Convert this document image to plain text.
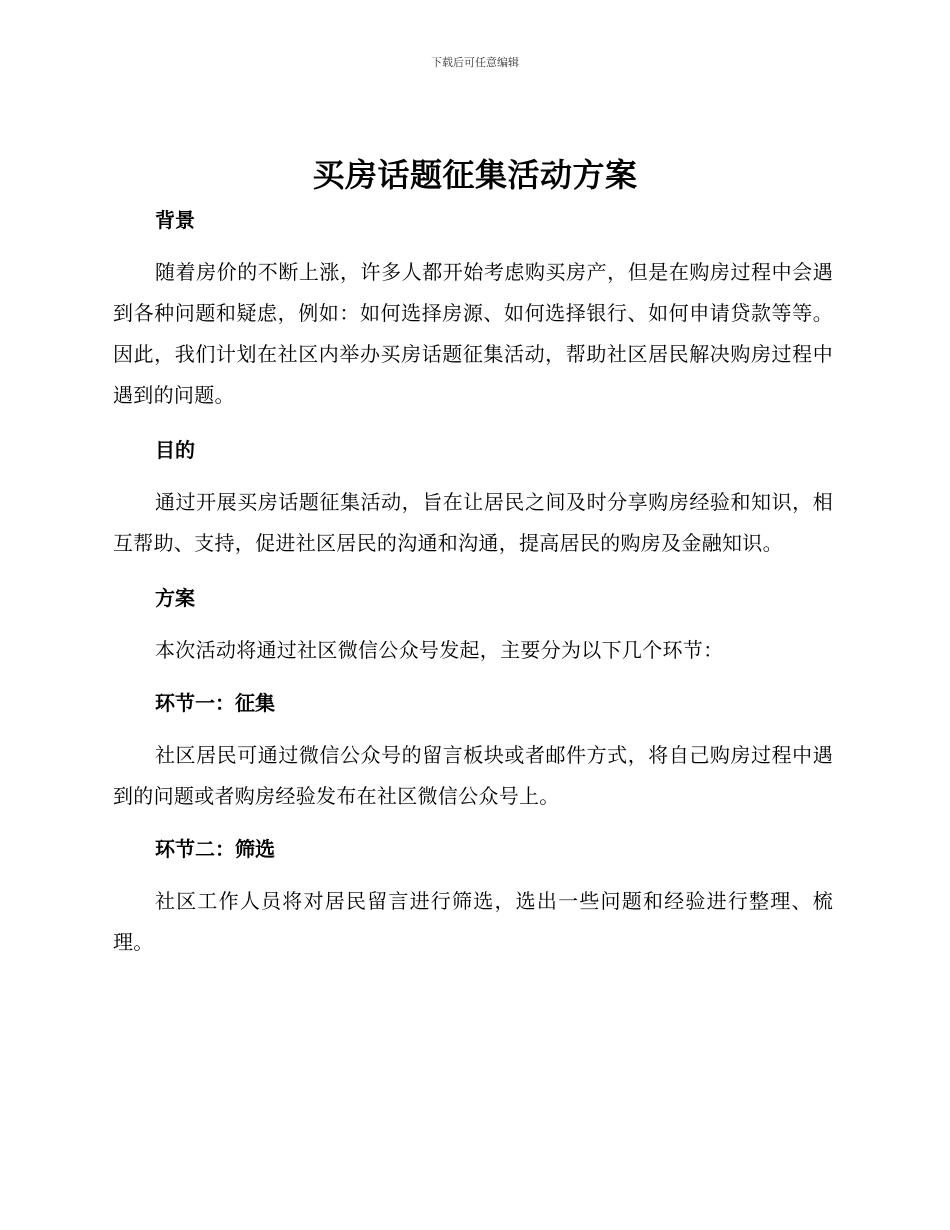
下载后可任意编辑
买房话题征集活动方案
背景

随着房价的不断上涨，许多人都开始考虑购买房产，但是在购房过程中会遇到各种问题和疑虑，例如：如何选择房源、如何选择银行、如何申请贷款等等。因此，我们计划在社区内举办买房话题征集活动，帮助社区居民解决购房过程中遇到的问题。

目的

通过开展买房话题征集活动，旨在让居民之间及时分享购房经验和知识，相互帮助、支持，促进社区居民的沟通和沟通，提高居民的购房及金融知识。

方案

本次活动将通过社区微信公众号发起，主要分为以下几个环节：

环节一：征集

社区居民可通过微信公众号的留言板块或者邮件方式，将自己购房过程中遇到的问题或者购房经验发布在社区微信公众号上。

环节二：筛选

社区工作人员将对居民留言进行筛选，选出一些问题和经验进行整理、梳理。
